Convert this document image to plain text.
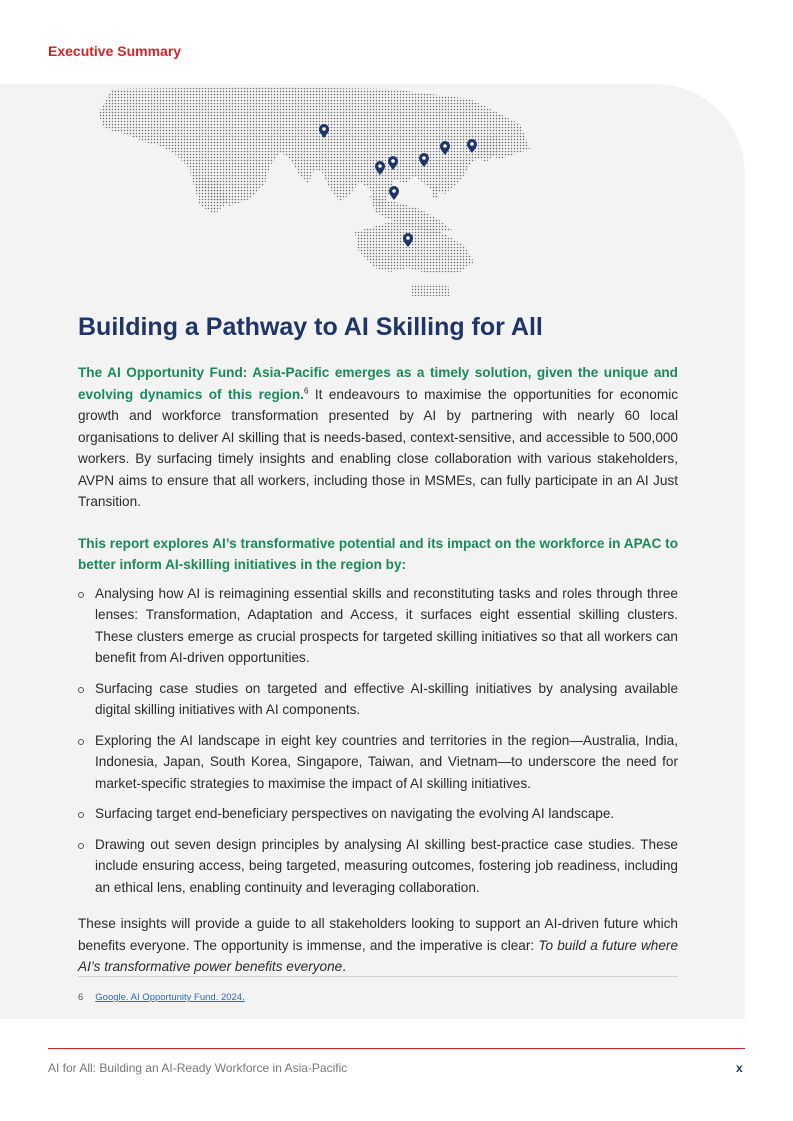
Executive Summary
Building a Pathway to AI Skilling for All

The AI Opportunity Fund: Asia-Pacific emerges as a timely solution, given the unique and evolving dynamics of this region.$^6$ It endeavours to maximise the opportunities for economic growth and workforce transformation presented by AI by partnering with nearly 60 local organisations to deliver AI skilling that is needs-based, context-sensitive, and accessible to 500,000 workers. By surfacing timely insights and enabling close collaboration with various stakeholders, AVPN aims to ensure that all workers, including those in MSMEs, can fully participate in an AI Just Transition.

This report explores AI’s transformative potential and its impact on the workforce in APAC to better inform AI-skilling initiatives in the region by:

Analysing how AI is reimagining essential skills and reconstituting tasks and roles through three lenses: Transformation, Adaptation and Access, it surfaces eight essential skilling clusters. These clusters emerge as crucial prospects for targeted skilling initiatives so that all workers can benefit from AI-driven opportunities.
Surfacing case studies on targeted and effective AI-skilling initiatives by analysing available digital skilling initiatives with AI components.
Exploring the AI landscape in eight key countries and territories in the region—Australia, India, Indonesia, Japan, South Korea, Singapore, Taiwan, and Vietnam—to underscore the need for market-specific strategies to maximise the impact of AI skilling initiatives.
Surfacing target end-beneficiary perspectives on navigating the evolving AI landscape.
Drawing out seven design principles by analysing AI skilling best-practice case studies. These include ensuring access, being targeted, measuring outcomes, fostering job readiness, including an ethical lens, enabling continuity and leveraging collaboration.

These insights will provide a guide to all stakeholders looking to support an AI-driven future which benefits everyone. The opportunity is immense, and the imperative is clear: To build a future where AI’s transformative power benefits everyone.

6 Google. AI Opportunity Fund. 2024.
AI for All: Building an AI-Ready Workforce in Asia-Pacific	x
